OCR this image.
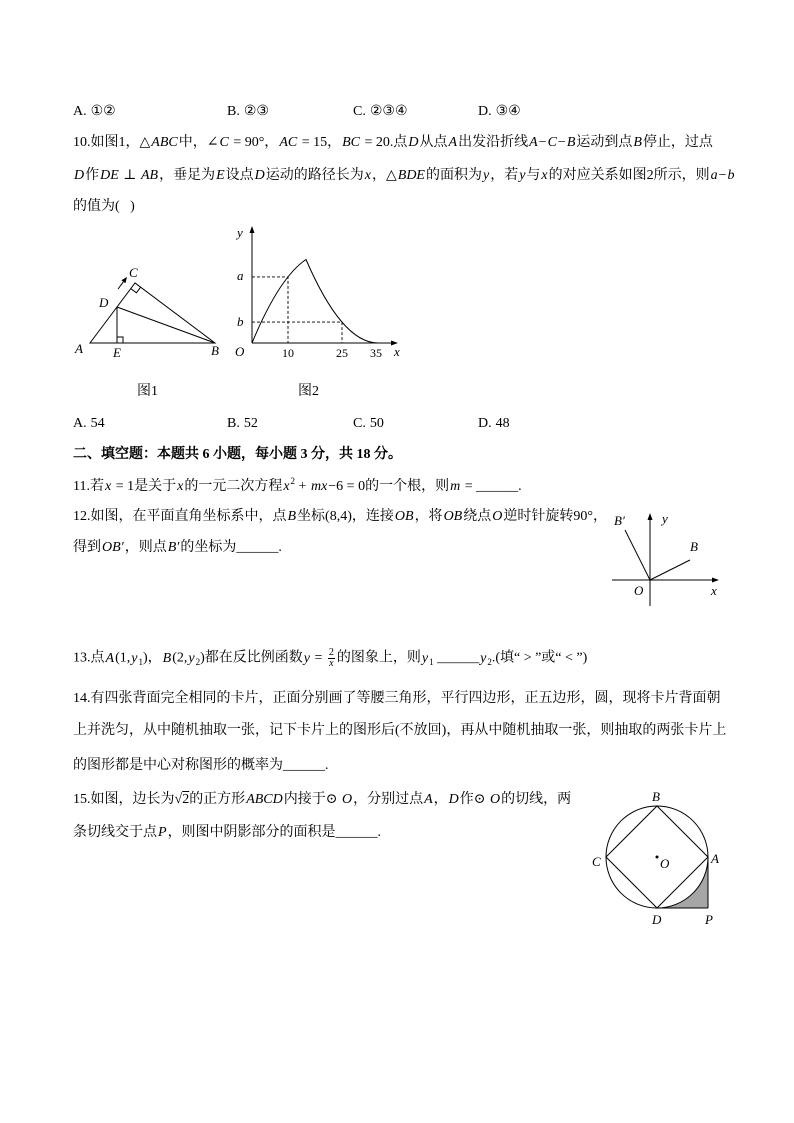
A. ①②	B. ②③	C. ②③④	D. ③④
10.如图1，△ABC中，∠C = 90°，AC = 15，BC = 20.点D从点A出发沿折线A−C−B运动到点B停止，过点
D作DE ⊥ AB，垂足为E设点D运动的路径长为x，△BDE的面积为y，若y与x的对应关系如图2所示，则a−b
的值为(   )
C
D
A E	B
y
a
b
O	10	25 35 x
图1	图2
A. 54	B. 52	C. 50	D. 48
二、填空题：本题共 6 小题，每小题 3 分，共 18 分。
11.若x = 1是关于x的一元二次方程$x^2 + mx-6 = 0$的一个根，则m = ______.
12.如图，在平面直角坐标系中，点B坐标(8,4)，连接OB，将OB绕点O逆时针旋转90°，
得到OB′，则点B′的坐标为______.
B′	y
B
O	x
13.点$A(1,y_1)$，$B(2,y_2)$都在反比例函数$y = \frac{2}{x}$ 的图象上，则$y_1$ $\_\_\_\_\_\_y_2$.(填“ > ”或“ < ”)
14.有四张背面完全相同的卡片，正面分别画了等腰三角形，平行四边形，正五边形，圆，现将卡片背面朝
上并洗匀，从中随机抽取一张，记下卡片上的图形后(不放回)，再从中随机抽取一张，则抽取的两张卡片上
的图形都是中心对称图形的概率为______.
15.如图，边长为√2的正方形ABCD内接于⊙ O，分别过点A，D作⊙ O的切线，两
条切线交于点P，则图中阴影部分的面积是______.
B
C	A
D	P
O
